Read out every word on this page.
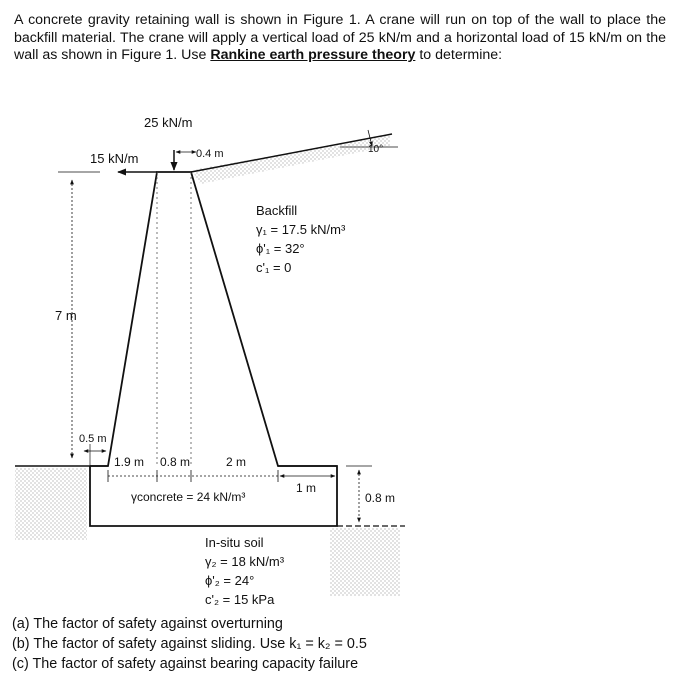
A concrete gravity retaining wall is shown in Figure 1. A crane will run on top of the wall to place the backfill material. The crane will apply a vertical load of 25 kN/m and a horizontal load of 15 kN/m on the wall as shown in Figure 1. Use Rankine earth pressure theory to determine:
10°
25 kN/m
15 kN/m	0.4 m
Backfill
γ₁ = 17.5 kN/m³
ϕ'₁ = 32°
c'₁ = 0
7 m
0.5 m
1.9 m 0.8 m	2 m
1 m
0.8 m
γconcrete = 24 kN/m³
In-situ soil
γ₂ = 18 kN/m³
ϕ'₂ = 24°
c'₂ = 15 kPa
(a) The factor of safety against overturning
(b) The factor of safety against sliding. Use k₁ = k₂ = 0.5
(c) The factor of safety against bearing capacity failure
